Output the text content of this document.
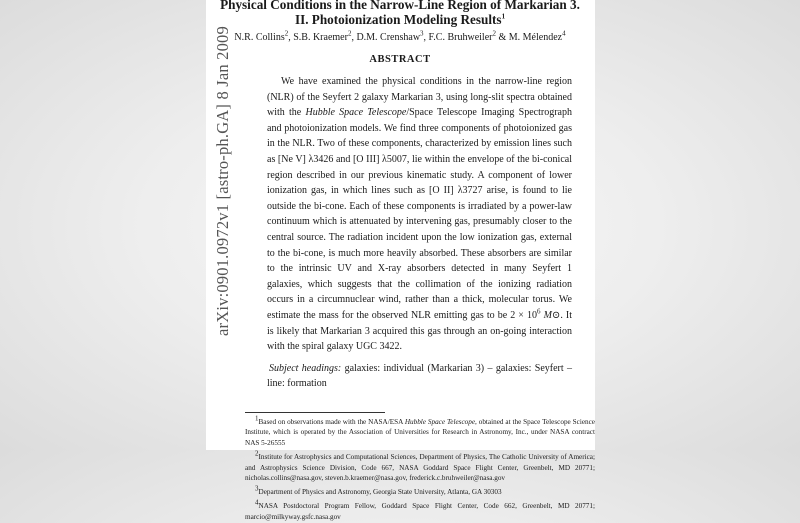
arXiv:0901.0972v1 [astro-ph.GA] 8 Jan 2009
Physical Conditions in the Narrow-Line Region of Markarian 3.
II. Photoionization Modeling Results$^1$
N.R. Collins$^2$, S.B. Kraemer$^2$, D.M. Crenshaw$^3$, F.C. Bruhweiler$^2$ & M. Mélendez$^4$
ABSTRACT

We have examined the physical conditions in the narrow-line region (NLR) of the Seyfert 2 galaxy Markarian 3, using long-slit spectra obtained with the Hubble Space Telescope/Space Telescope Imaging Spectrograph and photoionization models. We find three components of photoionized gas in the NLR. Two of these components, characterized by emission lines such as [Ne V] λ3426 and [O III] λ5007, lie within the envelope of the bi-conical region described in our previous kinematic study. A component of lower ionization gas, in which lines such as [O II] λ3727 arise, is found to lie outside the bi-cone. Each of these components is irradiated by a power-law continuum which is attenuated by intervening gas, presumably closer to the central source. The radiation incident upon the low ionization gas, external to the bi-cone, is much more heavily absorbed. These absorbers are similar to the intrinsic UV and X-ray absorbers detected in many Seyfert 1 galaxies, which suggests that the collimation of the ionizing radiation occurs in a circumnuclear wind, rather than a thick, molecular torus. We estimate the mass for the observed NLR emitting gas to be $2 \times 10^6$ M⊙. It is likely that Markarian 3 acquired this gas through an on-going interaction with the spiral galaxy UGC 3422.

Subject headings: galaxies: individual (Markarian 3) – galaxies: Seyfert – line: formation

$^1$Based on observations made with the NASA/ESA Hubble Space Telescope, obtained at the Space Telescope Science Institute, which is operated by the Association of Universities for Research in Astronomy, Inc., under NASA contract NAS 5-26555

$^2$Institute for Astrophysics and Computational Sciences, Department of Physics, The Catholic University of America; and Astrophysics Science Division, Code 667, NASA Goddard Space Flight Center, Greenbelt, MD 20771; nicholas.collins@nasa.gov, steven.b.kraemer@nasa.gov, frederick.c.bruhweiler@nasa.gov

$^3$Department of Physics and Astronomy, Georgia State University, Atlanta, GA 30303

$^4$NASA Postdoctoral Program Fellow, Goddard Space Flight Center, Code 662, Greenbelt, MD 20771; marcio@milkyway.gsfc.nasa.gov
